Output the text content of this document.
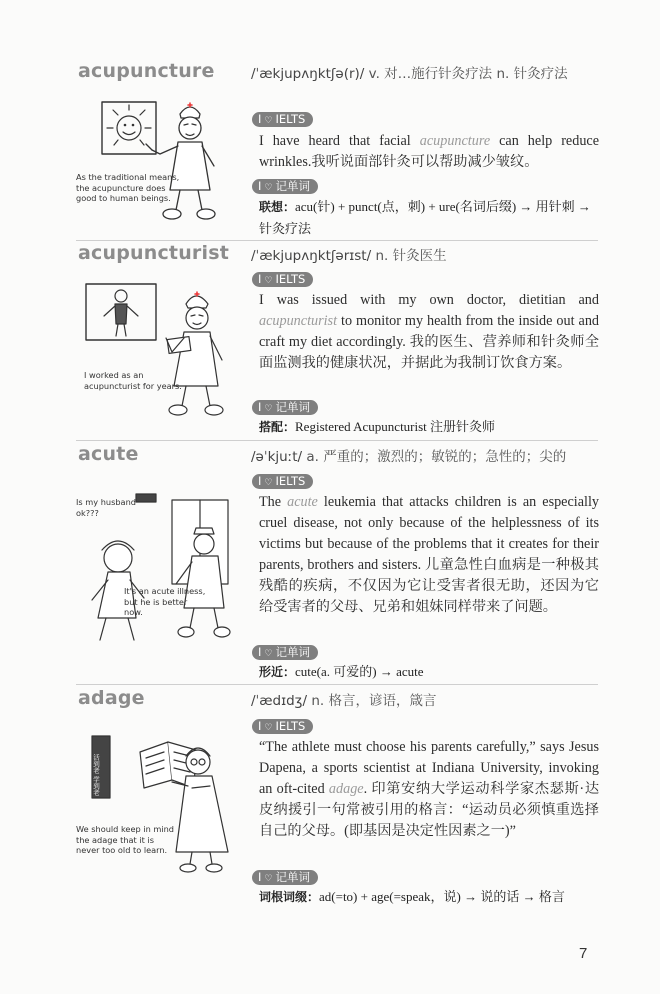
acupuncture	/ˈækjupʌŋktʃə(r)/ v. 对…施行针灸疗法 n. 针灸疗法
As the traditional means, the acupuncture does good to human beings.
I ♡ IELTS

I have heard that facial acupuncture can help reduce wrinkles.我听说面部针灸可以帮助减少皱纹。

I ♡ 记单词

联想：acu(针) + punct(点，刺) + ure(名词后缀) → 用针刺 → 针灸疗法

acupuncturist /ˈækjupʌŋktʃərɪst/ n. 针灸医生
I worked as an acupuncturist for years.
I ♡ IELTS

I was issued with my own doctor, dietitian and acupuncturist to monitor my health from the inside out and craft my diet accordingly. 我的医生、营养师和针灸师全面监测我的健康状况，并据此为我制订饮食方案。

I ♡ 记单词

搭配：Registered Acupuncturist 注册针灸师

acute	/əˈkjuːt/ a. 严重的；激烈的；敏锐的；急性的；尖的
Is my husband ok???
It's an acute illness, but he is better now.
I ♡ IELTS

The acute leukemia that attacks children is an especially cruel disease, not only because of the helplessness of its victims but because of the problems that it creates for their parents, brothers and sisters. 儿童急性白血病是一种极其残酷的疾病，不仅因为它让受害者很无助，还因为它给受害者的父母、兄弟和姐妹同样带来了问题。

I ♡ 记单词

形近：cute(a. 可爱的) → acute

adage	/ˈædɪdʒ/ n. 格言，谚语，箴言
活到老 学到老
We should keep in mind the adage that it is never too old to learn.
I ♡ IELTS

“The athlete must choose his parents carefully,” says Jesus Dapena, a sports scientist at Indiana University, invoking an oft-cited adage. 印第安纳大学运动科学家杰瑟斯·达皮纳援引一句常被引用的格言：“运动员必须慎重选择自己的父母。(即基因是决定性因素之一)”

I ♡ 记单词

词根词缀：ad(=to) + age(=speak，说) → 说的话 → 格言

7
